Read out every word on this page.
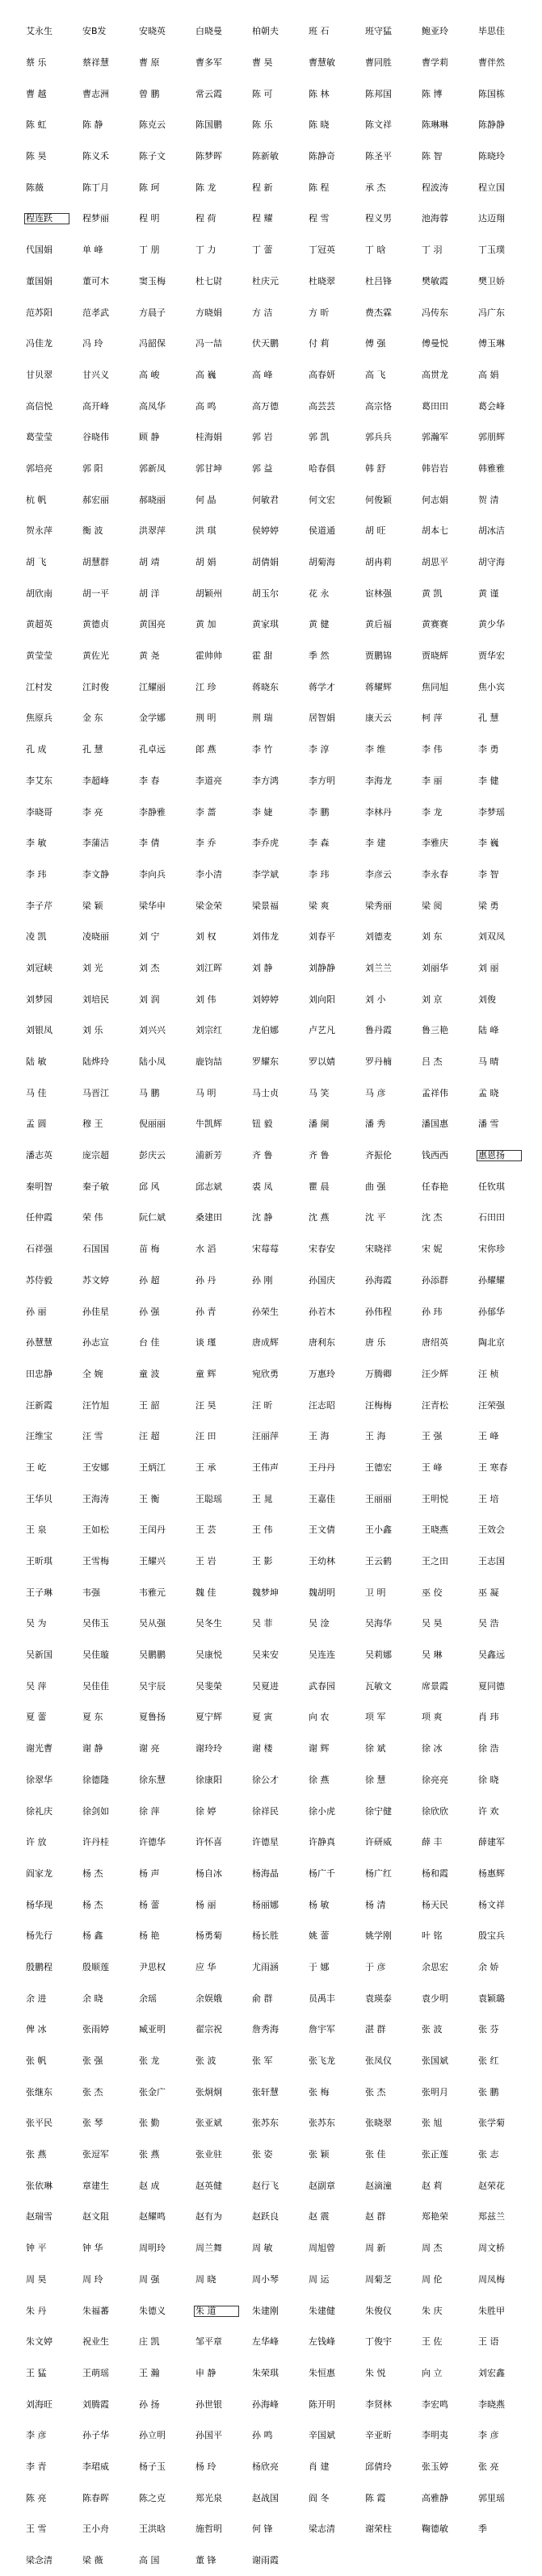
艾永生	安B发	安晓英	白晓曼	柏朝夫	班 石	班守猛	鲍亚玲	毕思佳
蔡 乐	蔡祥慧	曹 原	曹多军	曹 昊	曹慧敏	曹同胜	曹学莉	曹伴然
曹 越	曹志洲	曾 鹏	常云霞	陈 可	陈 林	陈邦国	陈 博	陈国栋
陈 虹	陈 静	陈克云	陈国鹏	陈 乐	陈 晓	陈文祥	陈琳琳	陈静静
陈 昊	陈义禾	陈子文	陈梦晖	陈新敏	陈静奇	陈圣平	陈 智	陈晓玲
陈薇	陈丁月	陈 珂	陈 龙	程 新	陈 程	承 杰	程波涛	程立国
程连跃	程梦丽	程 明	程 荷	程 耀	程 雪	程义男	池海蓉	达迈翔
代国娟	单 峰	丁 朋	丁 力	丁 蕾	丁冠英	丁 晗	丁 羽	丁玉璞
董国娟	董可木	窦玉梅	杜七尉	杜庆元	杜晓翠	杜吕锋	樊敏霞	樊卫娇
范苏阳	范孝武	方晨子	方晓娟	方 洁	方 昕	费杰霖	冯传东	冯广东
冯佳龙	冯 玲	冯韶保	冯一喆	伏天鹏	付 莉	傅 强	傅曼悦	傅玉琳
甘贝翠	甘兴义	高 峻	高 巍	高 峰	高春妍	高 飞	高贯龙	高 娟
高信悦	高开峰	高凤华	高 鸣	高万德	高芸芸	高宗恪	葛田田	葛会峰
葛莹莹	谷晓伟	顾 静	桂海娟	郭 岩	郭 凯	郭兵兵	郭瀚军	郭朋辉
郭培亮	郭 阳	郭新凤	郭甘坤	郭 益	哈春俱	韩 舒	韩岩岩	韩雅雅
杭 帆	郝宏丽	郝晓丽	何 晶	何敏君	何文宏	何俊颖	何志娟	贺 清
贺永萍	衡 波	洪翠萍	洪 琪	侯婷婷	侯道通	胡 旺	胡本七	胡冰洁
胡 飞	胡慧群	胡 靖	胡 娟	胡倩娟	胡菊海	胡冉莉	胡思平	胡守海
胡欣南	胡一平	胡 洋	胡颖州	胡玉尔	花 永	宦林强	黄 凯	黄 谨
黄超英	黄德贞	黄国亮	黄 加	黄家琪	黄 健	黄后福	黄赛赛	黄少华
黄莹莹	黄佐光	黄 尧	霍帅帅	霍 甜	季 然	贾鹏锦	贾晓辉	贾华宏
江村发	江时俊	江耀丽	江 珍	蒋晓东	蒋学才	蒋耀辉	焦同旭	焦小宾
焦原兵	金 东	金学娜	荆 明	荆 瑞	居智娟	康天云	柯 萍	孔 慧
孔 成	孔 慧	孔卓远	郎 燕	李 竹	李 淳	李 维	李 伟	李 勇
李艾东	李超峰	李 春	李道亮	李方鸿	李方明	李海龙	李 丽	李 健
李晓哥	李 亮	李静雅	李 蔷	李 婕	李 鹏	李林丹	李 龙	李梦瑶
李 敏	李蒲洁	李 倩	李 乔	李乔虎	李 森	李 建	李雅庆	李 巍
李 玮	李文静	李向兵	李小清	李学斌	李 玮	李彦云	李永春	李 智
李子芹	梁 颖	梁华申	梁金荣	梁景福	梁 爽	梁秀丽	梁 阅	梁 勇
凌 凯	凌晓丽	刘 宁	刘 权	刘伟龙	刘春平	刘德麦	刘 东	刘双凤
刘冠峡	刘 光	刘 杰	刘江晖	刘 静	刘静静	刘兰兰	刘丽华	刘 丽
刘梦园	刘培民	刘 润	刘 伟	刘婷婷	刘向阳	刘 小	刘 京	刘俊
刘银凤	刘 乐	刘兴兴	刘宗红	龙伯娜	卢艺凡	鲁丹霞	鲁三艳	陆 峰
陆 敏	陆烨玲	陆小凤	鹿钧喆	罗耀东	罗以婧	罗丹楠	吕 杰	马 晴
马 佳	马晋江	马 鹏	马 明	马士贞	马 笑	马 彦	孟祥伟	孟 晓
孟 圆	穆 王	倪丽丽	牛凯辉	钮 毅	潘 阑	潘 秀	潘国惠	潘 雪
潘志英	庞宗超	彭庆云	浦新芳	齐 鲁	齐 鲁	齐振伦	钱西西	惠恩扬
秦明智	秦子敏	邱 风	邱志斌	裘 凤	瞿 晨	曲 强	任春艳	任钦琪
任仲霞	荣 伟	阮仁斌	桑建田	沈 静	沈 燕	沈 平	沈 杰	石田田
石祥强	石国国	苗 梅	水 滔	宋莓莓	宋春安	宋晓祥	宋 妮	宋你珍
苏侍毅	苏文婷	孙 超	孙 丹	孙 刚	孙国庆	孙海霞	孙添群	孙耀耀
孙 丽	孙佳星	孙 强	孙 青	孙荣生	孙若木	孙伟程	孙 玮	孙郁华
孙慧慧	孙志宣	台 佳	谈 瑾	唐成辉	唐利东	唐 乐	唐绍英	陶北京
田忠静	全 婉	童 波	童 辉	宛欣勇	万惠玲	万腾卿	汪少辉	汪 桢
汪新霞	汪竹旭	王 韶	汪 昊	汪 昕	汪志昭	汪梅梅	汪青松	汪荣强
汪维宝	汪 雪	汪 超	汪 田	汪丽萍	王 海	王 海	王 强	王 峰
王 屹	王安娜	王炳江	王 承	王伟声	王丹丹	王德宏	王 峰	王 寒春
王华贝	王海涛	王 衡	王聪瑶	王 晁	王嘉佳	王丽丽	王明悦	王 培
王 泉	王如松	王闰丹	王 芸	王 伟	王文倩	王小鑫	王晓燕	王效会
王昕琪	王雪梅	王耀兴	王 岩	王 影	王幼林	王云鹤	王之田	王志国
王子琳	韦强	韦雅元	魏 佳	魏梦坤	魏胡明	卫 明	巫 佼	巫 凝
吴 为	吴伟玉	吴从强	吴冬生	吴 菲	吴 淦	吴海华	吴 昊	吴 浩
吴新国	吴佳璇	吴鹏鹏	吴康悦	吴来安	吴连连	吴莉娜	吴 琳	吴鑫远
吴 萍	吴佳佳	吴宇辰	吴斐榮	吴夏进	武春园	瓦敏文	席景霞	夏同德
夏 蕾	夏 东	夏鲁扬	夏宁辉	夏 寅	向 农	项 军	项 爽	肖 玮
谢光曹	谢 静	谢 亮	谢玲玲	谢 楼	谢 辉	徐 斌	徐 冰	徐 浩
徐翠华	徐德隆	徐东慧	徐康阳	徐公才	徐 燕	徐 慧	徐亮亮	徐 晓
徐礼庆	徐剑如	徐 萍	徐 婷	徐祥民	徐小虎	徐宁健	徐欣欣	许 欢
许 放	许丹桂	许德华	许怀喜	许德星	许静真	许研威	薛 丰	薛建军
阎家龙	杨 杰	杨 声	杨自冰	杨海晶	杨广千	杨广红	杨和霞	杨惠辉
杨华现	杨 杰	杨 蕾	杨 丽	杨丽娜	杨 敏	杨 清	杨天民	杨文祥
杨先行	杨 鑫	杨 艳	杨勇菊	杨长胜	姚 蕾	姚学刚	叶 铭	殷宝兵
殷鹏程	殷顺莲	尹思权	应 华	尤雨涵	于 娜	于 彦	余思宏	余 娇
余 进	余 晓	余瑶	余娱娥	俞 群	员禹丰	袁瑛泰	袁少明	袁颖璐
俾 冰	张雨婷	臧亚明	翟宗祝	詹秀海	詹宇军	湛 群	张 波	张 芬
张 帆	张 强	张 龙	张 波	张 军	张飞龙	张凤仪	张国斌	张 红
张继东	张 杰	张金广	张炯炯	张轩慧	张 梅	张 杰	张明月	张 鹏
张平民	张 琴	张 勤	张亚斌	张苏东	张苏东	张晓翠	张 旭	张学菊
张 燕	张逗军	张 燕	张业驻	张 姿	张 颖	张 佳	张正莲	张 志
张依琳	章建生	赵 成	赵英健	赵行飞	赵副章	赵滴潼	赵 莉	赵荣花
赵瑞雪	赵文阻	赵耀鸣	赵有为	赵跃良	赵 震	赵 群	郑艳荣	郑兹兰
钟 平	钟 华	周明玲	周兰舞	周 敏	周旭曾	周 新	周 杰	周文桥
周 昊	周 玲	周 强	周 晓	周小琴	周 运	周菊芝	周 伦	周凤梅
朱 丹	朱福蕃	朱德义	朱 道	朱建刚	朱建健	朱俊仪	朱 庆	朱胜甲
朱文婷	祝业生	庄 凯	邹平章	左华峰	左钱峰	丁俊宇	王 佐	王 语
王 猛	王萌瑶	王 瀚	申 静	朱荣琪	朱恒惠	朱 悦	向 立	刘宏鑫
刘海旺	刘腾霞	孙 扬	孙世银	孙海峰	陈开明	李贤林	李宏鸣	李晓燕
李 彦	孙子华	孙立明	孙国平	孙 鸣	辛国斌	辛亚昕	李明夷	李 彦
李 青	李珺威	杨子玉	杨 玲	杨欣亮	肖 建	邱倩玲	张玉婷	张 亮
陈 亮	陈春晖	陈之克	郑光泉	赵战国	阎 冬	陈 霞	高雅静	郭里瑶
王 雪	王小舟	王洪晗	施哲明	何 锋	梁志清	谢荣柱	鞠德敏	季
梁念清	梁 薇	高 国	董 锋	谢雨霞
